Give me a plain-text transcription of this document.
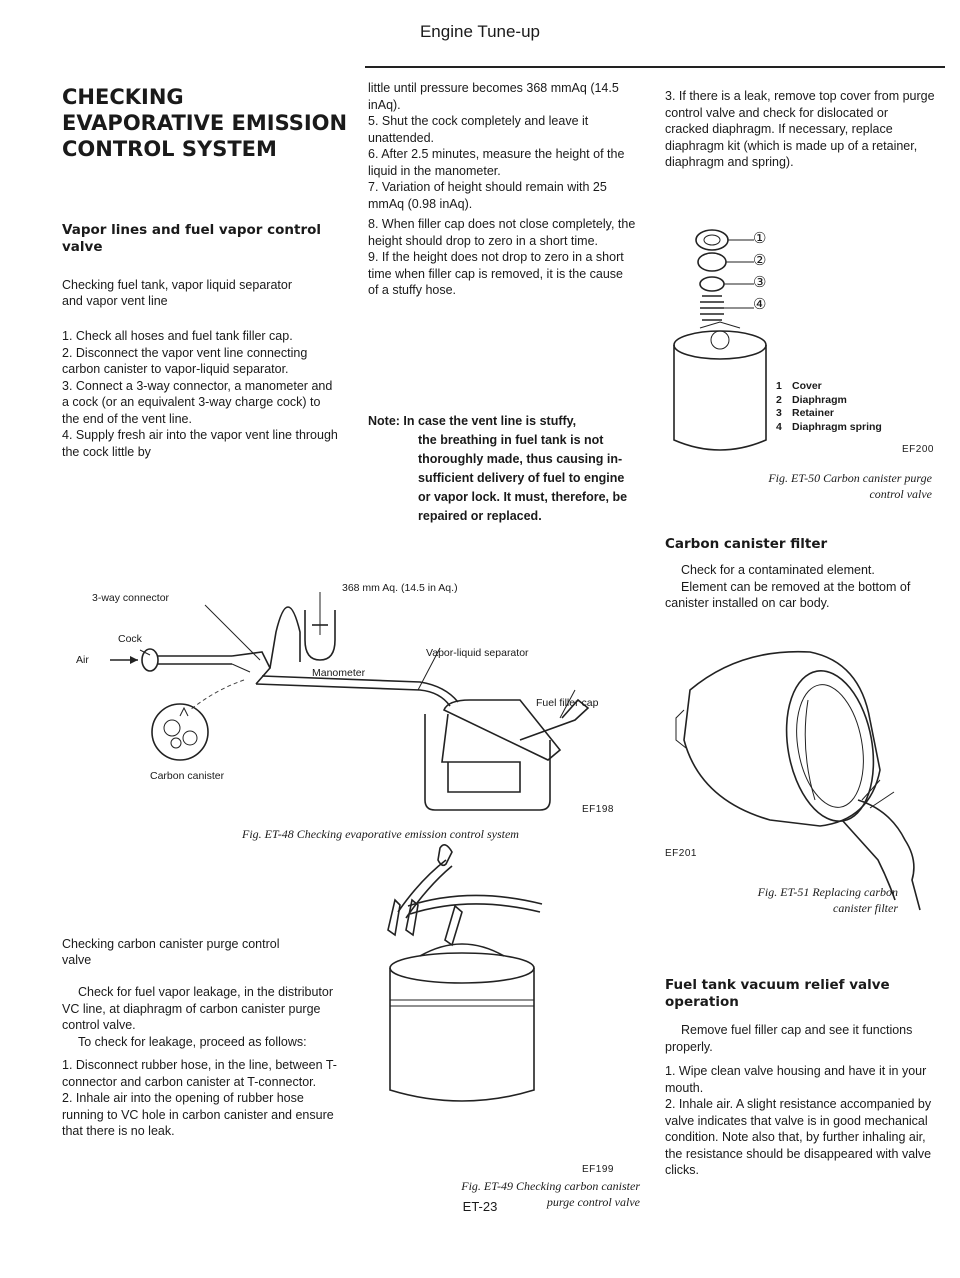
Engine Tune-up
CHECKING EVAPORATIVE EMISSION CONTROL SYSTEM
Vapor lines and fuel vapor control valve
Checking fuel tank, vapor liquid separator and vapor vent line

1. Check all hoses and fuel tank filler cap.

2. Disconnect the vapor vent line connecting carbon canister to vapor-liquid separator.

3. Connect a 3-way connector, a manometer and a cock (or an equivalent 3-way charge cock) to the end of the vent line.

4. Supply fresh air into the vapor vent line through the cock little by

Checking carbon canister purge control valve

Check for fuel vapor leakage, in the distributor VC line, at diaphragm of carbon canister purge control valve.

To check for leakage, proceed as follows:

1. Disconnect rubber hose, in the line, between T-connector and carbon canister at T-connector.

2. Inhale air into the opening of rubber hose running to VC hole in carbon canister and ensure that there is no leak.

little until pressure becomes 368 mmAq (14.5 inAq).

5. Shut the cock completely and leave it unattended.

6. After 2.5 minutes, measure the height of the liquid in the manometer.

7. Variation of height should remain with 25 mmAq (0.98 inAq).

8. When filler cap does not close completely, the height should drop to zero in a short time.

9. If the height does not drop to zero in a short time when filler cap is removed, it is the cause of a stuffy hose.

Note: In case the vent line is stuffy,
the breathing in fuel tank is not
thoroughly made, thus causing in-
sufficient delivery of fuel to engine
or vapor lock. It must, therefore, be
repaired or replaced.
3-way connector
368 mm Aq. (14.5 in Aq.)
Cock
Air
Manometer
Vapor-liquid separator
Fuel filler cap
Carbon canister
EF198
Fig. ET-48 Checking evaporative emission control system
EF199
Fig. ET-49 Checking carbon canister
purge control valve

3. If there is a leak, remove top cover from purge control valve and check for dislocated or cracked diaphragm. If necessary, replace diaphragm kit (which is made up of a retainer, diaphragm and spring).

①
②
③
④
1 Cover
2 Diaphragm
3 Retainer
4 Diaphragm spring
EF200
Fig. ET-50 Carbon canister purge
control valve
Carbon canister filter

Check for a contaminated element.

Element can be removed at the bottom of canister installed on car body.

EF201
Fig. ET-51 Replacing carbon
canister filter
Fuel tank vacuum relief valve operation

Remove fuel filler cap and see it functions properly.

1. Wipe clean valve housing and have it in your mouth.

2. Inhale air. A slight resistance accompanied by valve indicates that valve is in good mechanical condition. Note also that, by further inhaling air, the resistance should be disappeared with valve clicks.

ET-23
